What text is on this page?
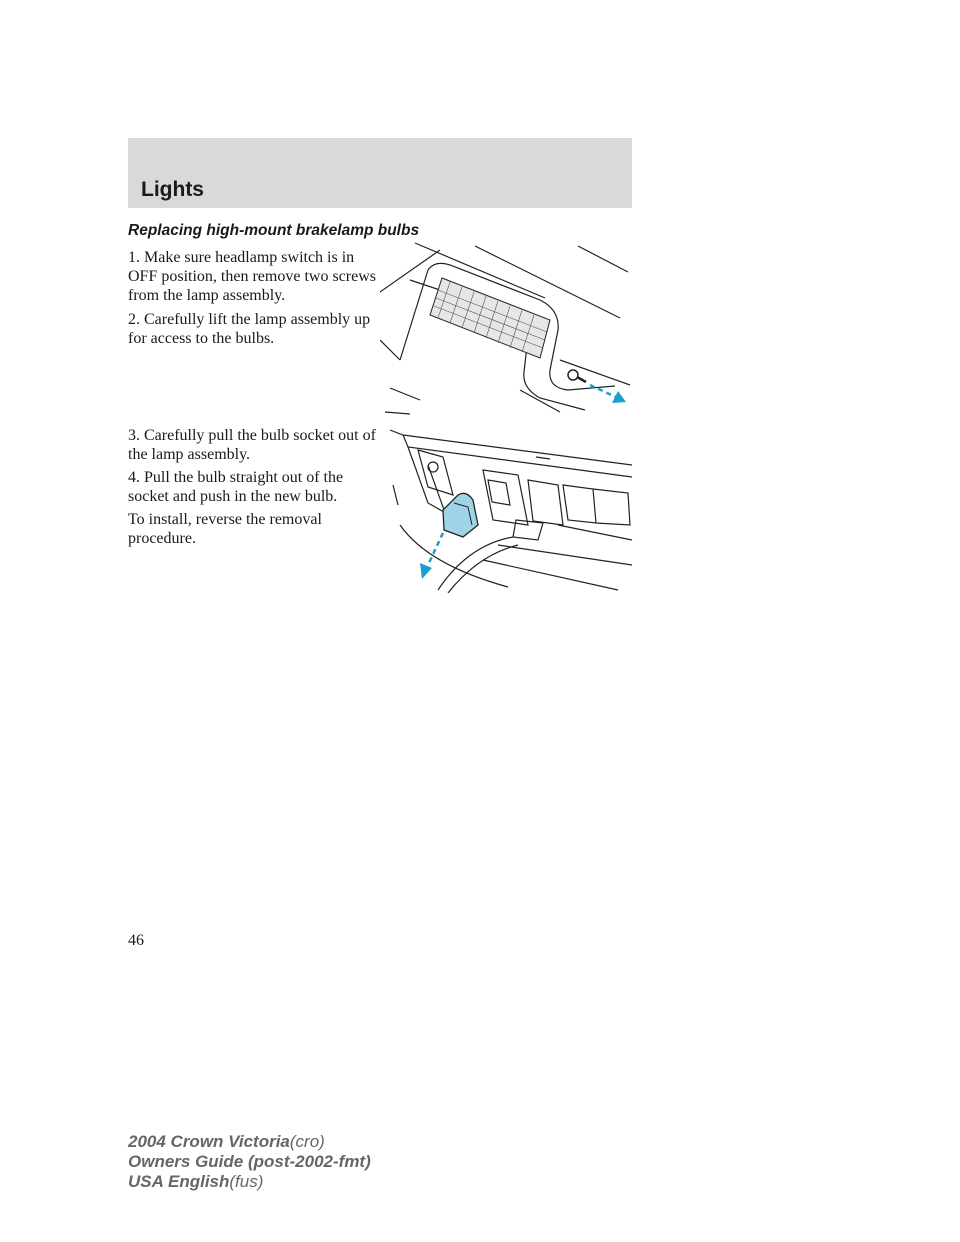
Lights
Replacing high-mount brakelamp bulbs

1. Make sure headlamp switch is in OFF position, then remove two screws from the lamp assembly.

2. Carefully lift the lamp assembly up for access to the bulbs.

3. Carefully pull the bulb socket out of the lamp assembly.

4. Pull the bulb straight out of the socket and push in the new bulb.

To install, reverse the removal procedure.

46

2004 Crown Victoria(cro)
Owners Guide (post-2002-fmt)
USA English(fus)
